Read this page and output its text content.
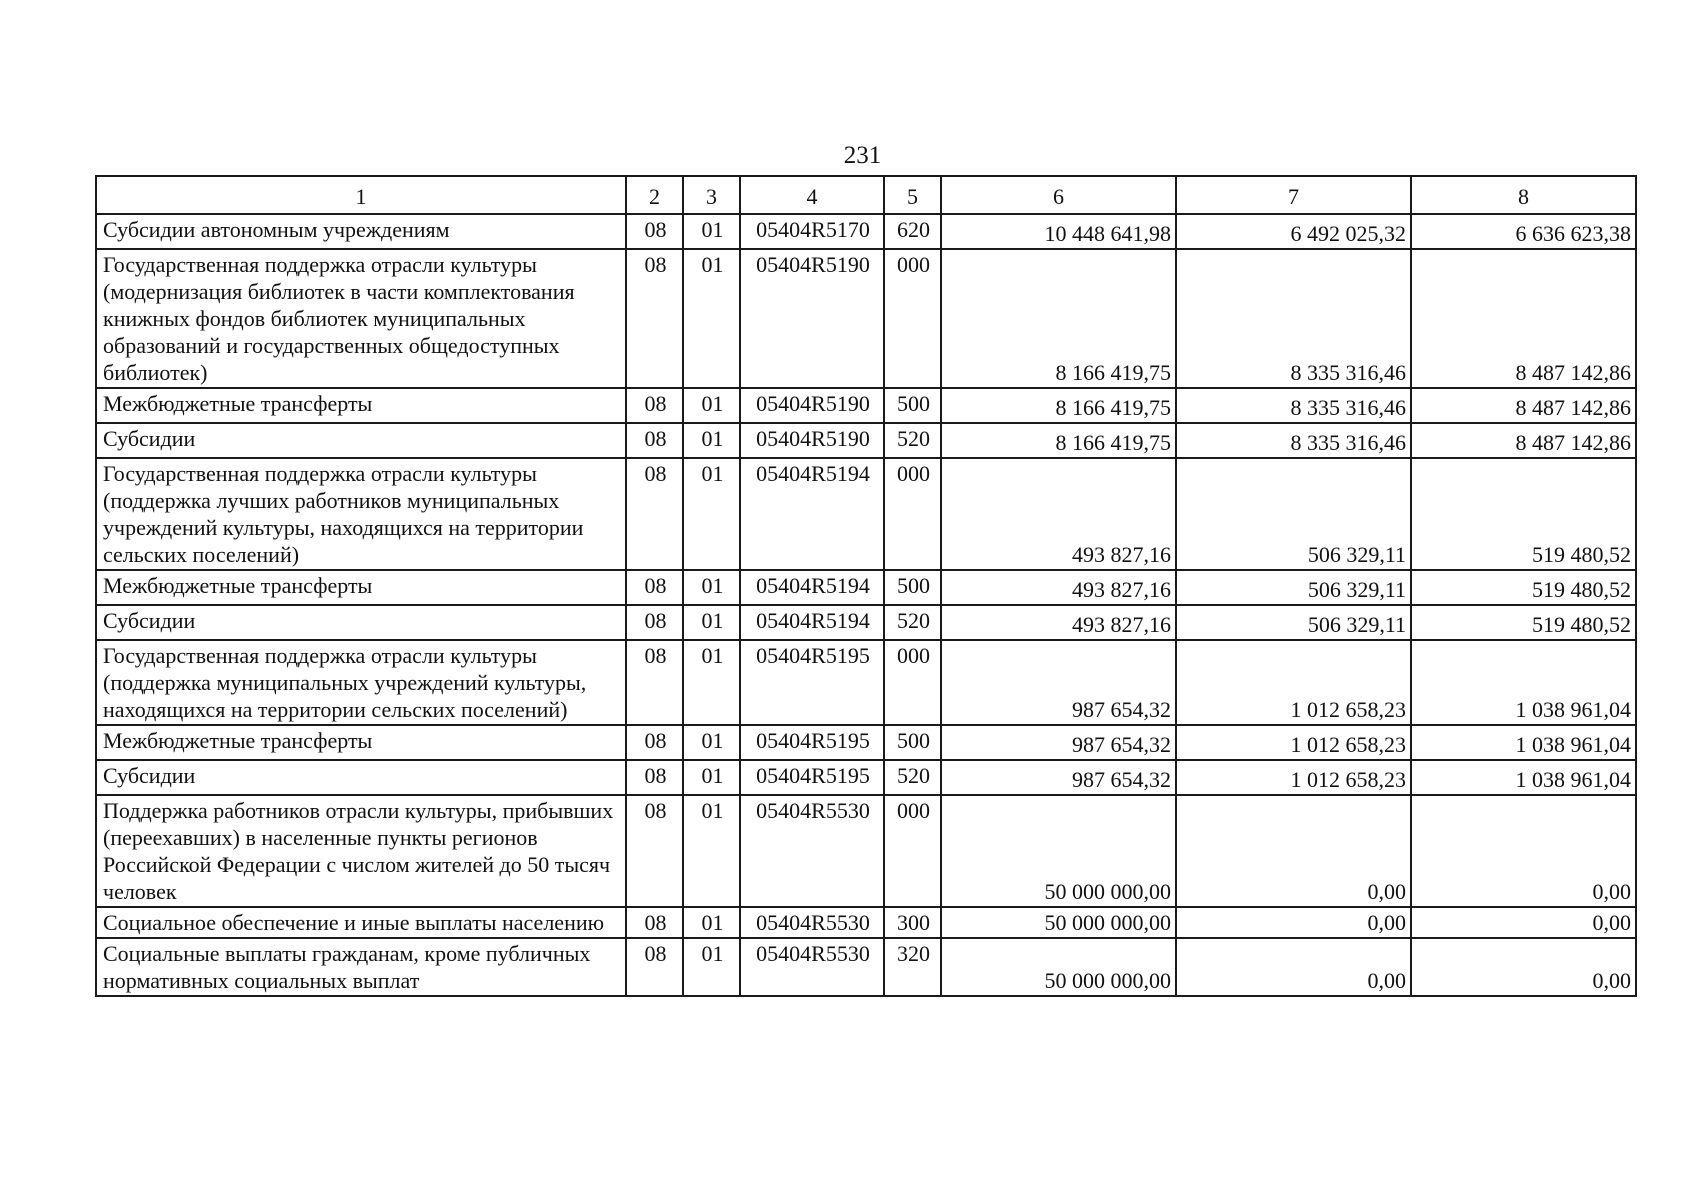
231
1	2	3	4	5	6	7	8
Субсидии автономным учреждениям	08	01	05404R5170	620	10 448 641,98	6 492 025,32	6 636 623,38
Государственная поддержка отрасли культуры (модернизация библиотек в части комплектования книжных фондов библиотек муниципальных образований и государственных общедоступных библиотек)	08	01	05404R5190	000	8 166 419,75	8 335 316,46	8 487 142,86
Межбюджетные трансферты	08	01	05404R5190	500	8 166 419,75	8 335 316,46	8 487 142,86
Субсидии	08	01	05404R5190	520	8 166 419,75	8 335 316,46	8 487 142,86
Государственная поддержка отрасли культуры (поддержка лучших работников муниципальных учреждений культуры, находящихся на территории сельских поселений)	08	01	05404R5194	000	493 827,16	506 329,11	519 480,52
Межбюджетные трансферты	08	01	05404R5194	500	493 827,16	506 329,11	519 480,52
Субсидии	08	01	05404R5194	520	493 827,16	506 329,11	519 480,52
Государственная поддержка отрасли культуры (поддержка муниципальных учреждений культуры, находящихся на территории сельских поселений)	08	01	05404R5195	000	987 654,32	1 012 658,23	1 038 961,04
Межбюджетные трансферты	08	01	05404R5195	500	987 654,32	1 012 658,23	1 038 961,04
Субсидии	08	01	05404R5195	520	987 654,32	1 012 658,23	1 038 961,04
Поддержка работников отрасли культуры, прибывших (переехавших) в населенные пункты регионов Российской Федерации с числом жителей до 50 тысяч человек	08	01	05404R5530	000	50 000 000,00	0,00	0,00
Социальное обеспечение и иные выплаты населению	08	01	05404R5530	300	50 000 000,00	0,00	0,00
Социальные выплаты гражданам, кроме публичных нормативных социальных выплат	08	01	05404R5530	320	50 000 000,00	0,00	0,00
